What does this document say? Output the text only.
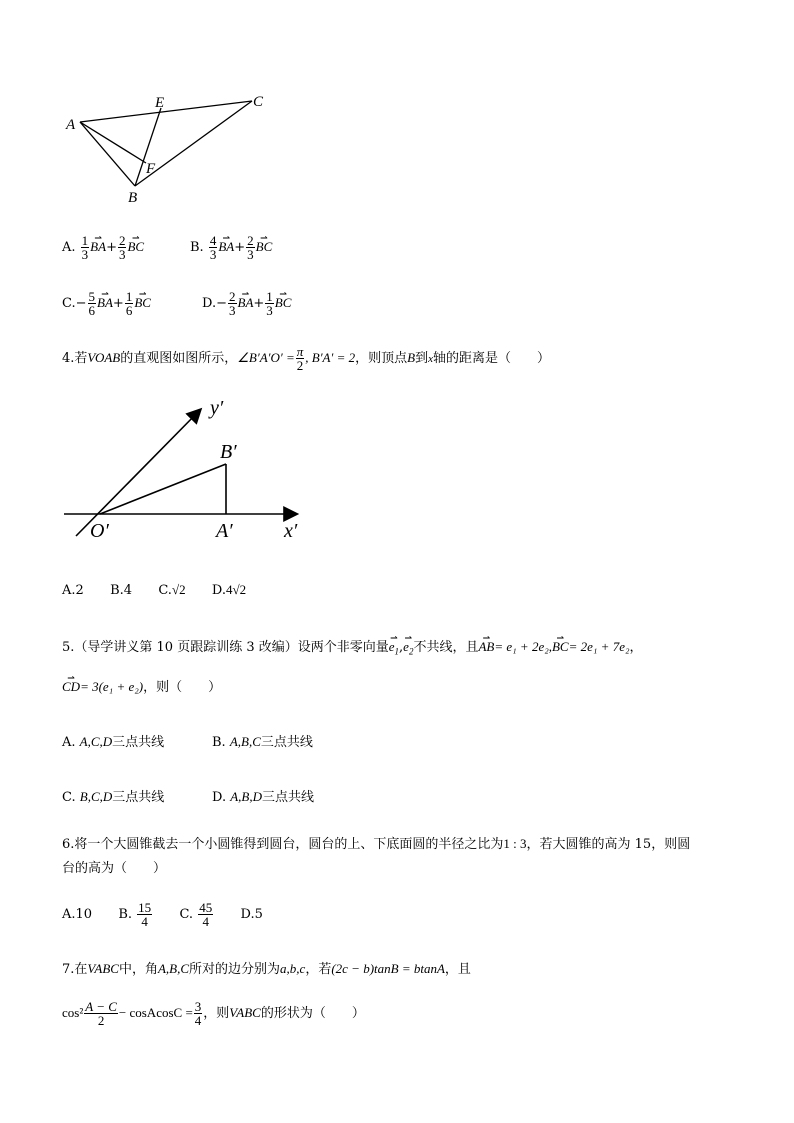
A
E	C
F
B
A. $\frac{1}{3}$ ⇀ $BA+ \frac{2}{3}$ ⇀ BC	B. $\frac{4}{3}$ ⇀ $BA+ \frac{2}{3}$ ⇀ BC
$C.- \frac{5}{6}$ ⇀ $BA+ \frac{1}{6}$ ⇀ BC	$D.- \frac{2}{3}$ ⇀ $BA+ \frac{1}{3}$ ⇀ BC
4.若VOAB的直观图如图所示，∠B′A′O′ = $\frac{\pi}{2}$ , B′A′ = 2，则顶点B到x轴的距离是（　　）
y′
B′
O′	A′	x′
A.2 B.4 C.√2 D.4√2
5.（导学讲义第 10 页跟踪训练 3 改编）设两个非零向量⇀ $e_1,⇀$ $e_2$不共线，且⇀ AB= e₁ + 2e₂,⇀ BC= 2e₁ + 7e₂，
⇀ CD= 3(e₁ + e₂)，则（　　）
A. A,C,D三点共线	B. A,B,C三点共线
C. B,C,D三点共线	D. A,B,D三点共线
6.将一个大圆锥截去一个小圆锥得到圆台，圆台的上、下底面圆的半径之比为1 : 3，若大圆锥的高为 15，则圆
台的高为（　　）
A.10 B. $\frac{15}{4} C$. $\frac{45}{4} D.5$
7.在VABC中，角A,B,C所对的边分别为a,b,c，若(2c − b)tanB = btanA，且
$\cos^2 \frac{A - C}{2}$ − cosAcosC = $\frac{3}{4}$ ，则VABC的形状为（　　）
